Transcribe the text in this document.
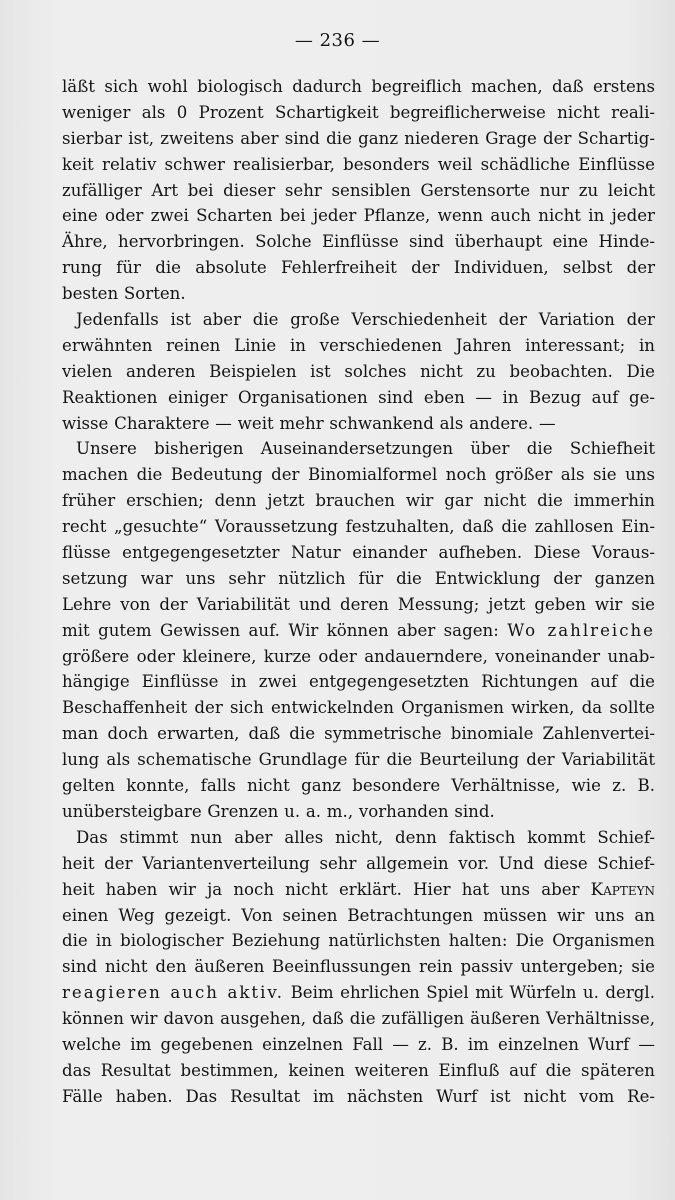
— 236 —
läßt sich wohl biologisch dadurch begreiflich machen, daß erstens
weniger als 0 Prozent Schartigkeit begreiflicherweise nicht reali-
sierbar ist, zweitens aber sind die ganz niederen Grage der Schartig-
keit relativ schwer realisierbar, besonders weil schädliche Einflüsse
zufälliger Art bei dieser sehr sensiblen Gerstensorte nur zu leicht
eine oder zwei Scharten bei jeder Pflanze, wenn auch nicht in jeder
Ähre, hervorbringen. Solche Einflüsse sind überhaupt eine Hinde-
rung für die absolute Fehlerfreiheit der Individuen, selbst der
besten Sorten.
Jedenfalls ist aber die große Verschiedenheit der Variation der
erwähnten reinen Linie in verschiedenen Jahren interessant; in
vielen anderen Beispielen ist solches nicht zu beobachten. Die
Reaktionen einiger Organisationen sind eben — in Bezug auf ge-
wisse Charaktere — weit mehr schwankend als andere. —
Unsere bisherigen Auseinandersetzungen über die Schiefheit
machen die Bedeutung der Binomialformel noch größer als sie uns
früher erschien; denn jetzt brauchen wir gar nicht die immerhin
recht „gesuchte“ Voraussetzung festzuhalten, daß die zahllosen Ein-
flüsse entgegengesetzter Natur einander aufheben. Diese Voraus-
setzung war uns sehr nützlich für die Entwicklung der ganzen
Lehre von der Variabilität und deren Messung; jetzt geben wir sie
mit gutem Gewissen auf. Wir können aber sagen: Wo zahlreiche
größere oder kleinere, kurze oder andauerndere, voneinander unab-
hängige Einflüsse in zwei entgegengesetzten Richtungen auf die
Beschaffenheit der sich entwickelnden Organismen wirken, da sollte
man doch erwarten, daß die symmetrische binomiale Zahlenvertei-
lung als schematische Grundlage für die Beurteilung der Variabilität
gelten konnte, falls nicht ganz besondere Verhältnisse, wie z. B.
unübersteigbare Grenzen u. a. m., vorhanden sind.
Das stimmt nun aber alles nicht, denn faktisch kommt Schief-
heit der Variantenverteilung sehr allgemein vor. Und diese Schief-
heit haben wir ja noch nicht erklärt. Hier hat uns aber Kapteyn
einen Weg gezeigt. Von seinen Betrachtungen müssen wir uns an
die in biologischer Beziehung natürlichsten halten: Die Organismen
sind nicht den äußeren Beeinflussungen rein passiv untergeben; sie
reagieren auch aktiv. Beim ehrlichen Spiel mit Würfeln u. dergl.
können wir davon ausgehen, daß die zufälligen äußeren Verhältnisse,
welche im gegebenen einzelnen Fall — z. B. im einzelnen Wurf —
das Resultat bestimmen, keinen weiteren Einfluß auf die späteren
Fälle haben. Das Resultat im nächsten Wurf ist nicht vom Re-
